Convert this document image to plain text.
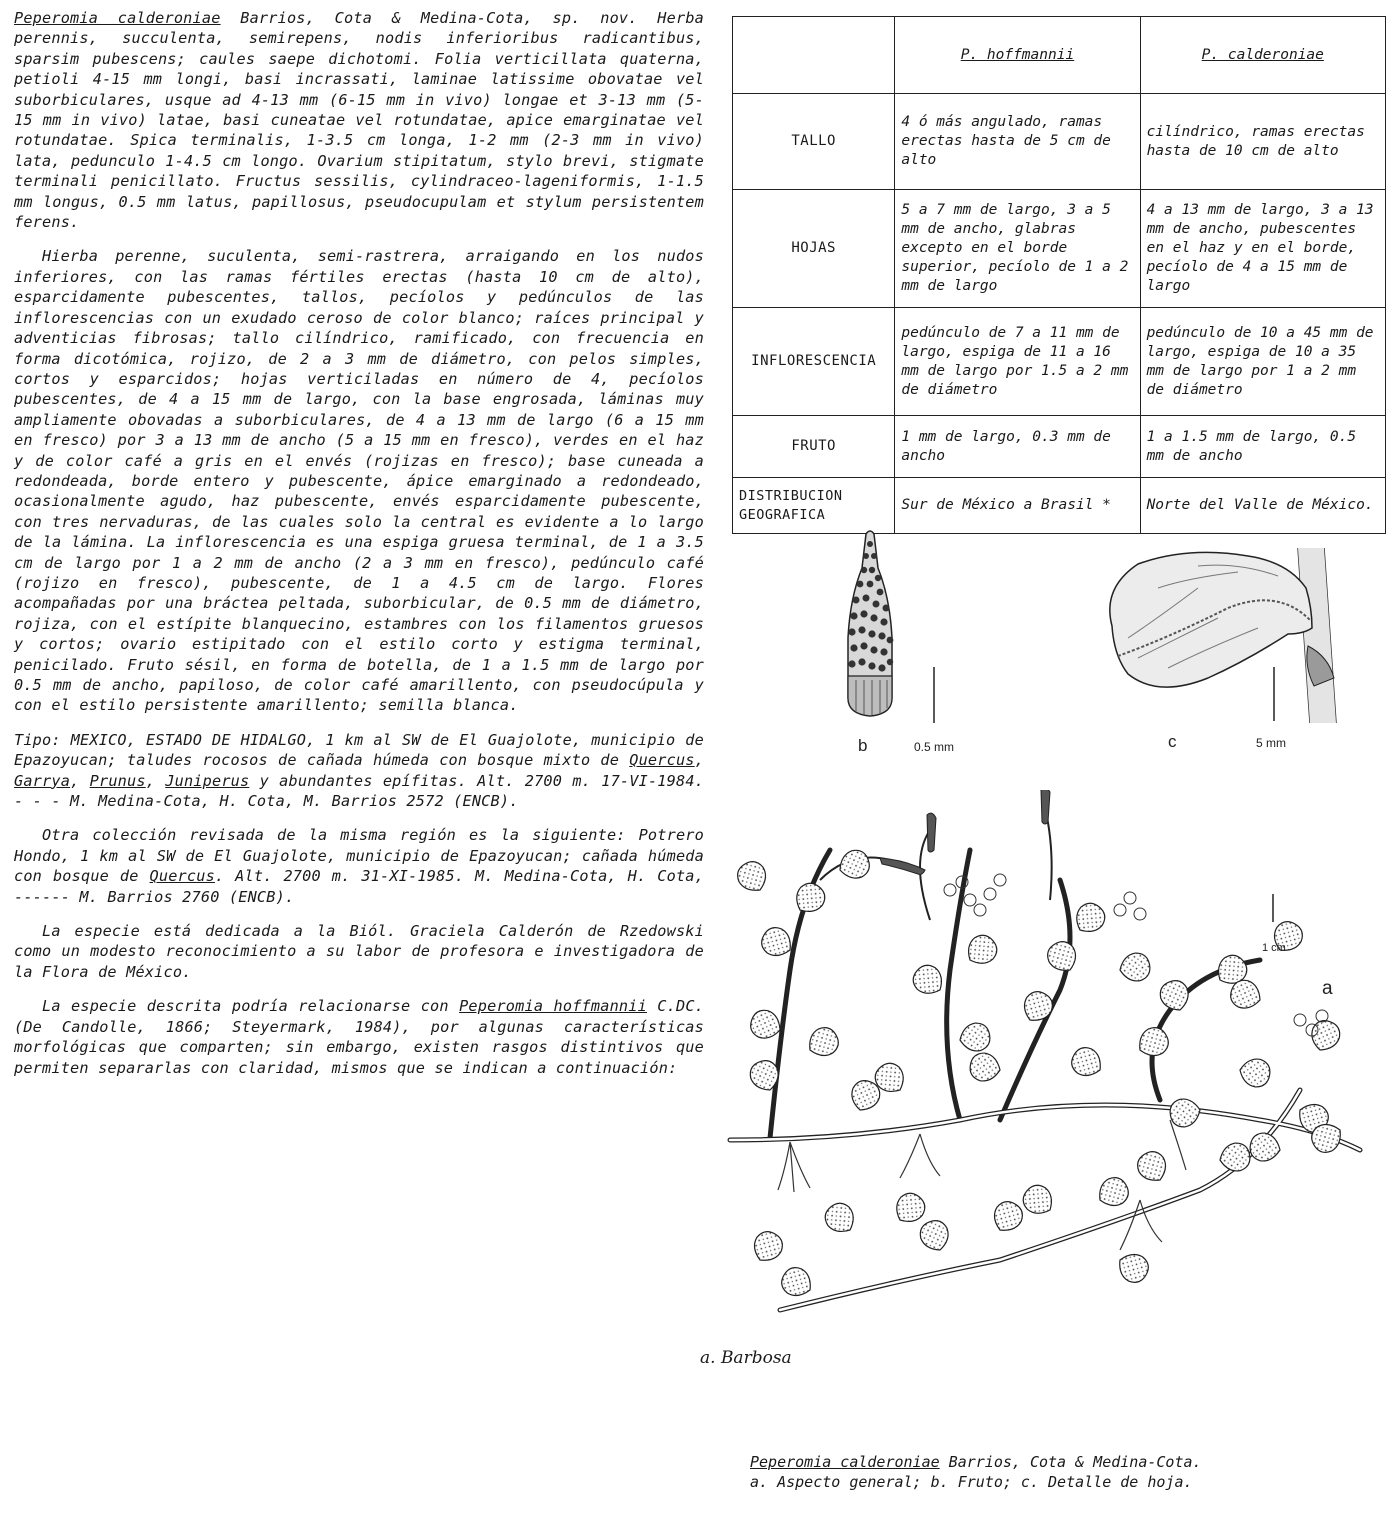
Peperomia calderoniae Barrios, Cota & Medina-Cota, sp. nov. Herba perennis, succulenta, semirepens, nodis inferioribus radicantibus, sparsim pubescens; caules saepe dichotomi. Folia verticillata quaterna, petioli 4-15 mm longi, basi incrassati, laminae latissime obovatae vel suborbiculares, usque ad 4-13 mm (6-15 mm in vivo) longae et 3-13 mm (5-15 mm in vivo) latae, basi cuneatae vel rotundatae, apice emarginatae vel rotundatae. Spica terminalis, 1-3.5 cm longa, 1-2 mm (2-3 mm in vivo) lata, pedunculo 1-4.5 cm longo. Ovarium stipitatum, stylo brevi, stigmate terminali penicillato. Fructus sessilis, cylindraceo-lageniformis, 1-1.5 mm longus, 0.5 mm latus, papillosus, pseudocupulam et stylum persistentem ferens.

Hierba perenne, suculenta, semi-rastrera, arraigando en los nudos inferiores, con las ramas fértiles erectas (hasta 10 cm de alto), esparcidamente pubescentes, tallos, pecíolos y pedúnculos de las inflorescencias con un exudado ceroso de color blanco; raíces principal y adventicias fibrosas; tallo cilíndrico, ramificado, con frecuencia en forma dicotómica, rojizo, de 2 a 3 mm de diámetro, con pelos simples, cortos y esparcidos; hojas verticiladas en número de 4, pecíolos pubescentes, de 4 a 15 mm de largo, con la base engrosada, láminas muy ampliamente obovadas a suborbiculares, de 4 a 13 mm de largo (6 a 15 mm en fresco) por 3 a 13 mm de ancho (5 a 15 mm en fresco), verdes en el haz y de color café a gris en el envés (rojizas en fresco); base cuneada a redondeada, borde entero y pubescente, ápice emarginado a redondeado, ocasionalmente agudo, haz pubescente, envés esparcidamente pubescente, con tres nervaduras, de las cuales solo la central es evidente a lo largo de la lámina. La inflorescencia es una espiga gruesa terminal, de 1 a 3.5 cm de largo por 1 a 2 mm de ancho (2 a 3 mm en fresco), pedúnculo café (rojizo en fresco), pubescente, de 1 a 4.5 cm de largo. Flores acompañadas por una bráctea peltada, suborbicular, de 0.5 mm de diámetro, rojiza, con el estípite blanquecino, estambres con los filamentos gruesos y cortos; ovario estipitado con el estilo corto y estigma terminal, penicilado. Fruto sésil, en forma de botella, de 1 a 1.5 mm de largo por 0.5 mm de ancho, papiloso, de color café amarillento, con pseudocúpula y con el estilo persistente amarillento; semilla blanca.

Tipo: MEXICO, ESTADO DE HIDALGO, 1 km al SW de El Guajolote, municipio de Epazoyucan; taludes rocosos de cañada húmeda con bosque mixto de Quercus, Garrya, Prunus, Juniperus y abundantes epífitas. Alt. 2700 m. 17-VI-1984. - - - M. Medina-Cota, H. Cota, M. Barrios 2572 (ENCB).

Otra colección revisada de la misma región es la siguiente: Potrero Hondo, 1 km al SW de El Guajolote, municipio de Epazoyucan; cañada húmeda con bosque de Quercus. Alt. 2700 m. 31-XI-1985. M. Medina-Cota, H. Cota, ------ M. Barrios 2760 (ENCB).

La especie está dedicada a la Biól. Graciela Calderón de Rzedowski como un modesto reconocimiento a su labor de profesora e investigadora de la Flora de México.

La especie descrita podría relacionarse con Peperomia hoffmannii C.DC. (De Candolle, 1866; Steyermark, 1984), por algunas características morfológicas que comparten; sin embargo, existen rasgos distintivos que permiten separarlas con claridad, mismos que se indican a continuación:

	P. hoffmannii	P. calderoniae
TALLO	4 ó más angulado, ramas erectas hasta de 5 cm de alto	cilíndrico, ramas erectas hasta de 10 cm de alto
HOJAS	5 a 7 mm de largo, 3 a 5 mm de ancho, glabras excepto en el borde superior, pecíolo de 1 a 2 mm de largo	4 a 13 mm de largo, 3 a 13 mm de ancho, pubescentes en el haz y en el borde, pecíolo de 4 a 15 mm de largo
INFLORESCENCIA	pedúnculo de 7 a 11 mm de largo, espiga de 11 a 16 mm de largo por 1.5 a 2 mm de diámetro	pedúnculo de 10 a 45 mm de largo, espiga de 10 a 35 mm de largo por 1 a 2 mm de diámetro
FRUTO	1 mm de largo, 0.3 mm de ancho	1 a 1.5 mm de largo, 0.5 mm de ancho
DISTRIBUCION GEOGRAFICA	Sur de México a Brasil *	Norte del Valle de México.
b	0.5 mm	c	5 mm
1 cm
a
a. Barbosa
Peperomia calderoniae Barrios, Cota & Medina-Cota.
a. Aspecto general; b. Fruto; c. Detalle de hoja.
